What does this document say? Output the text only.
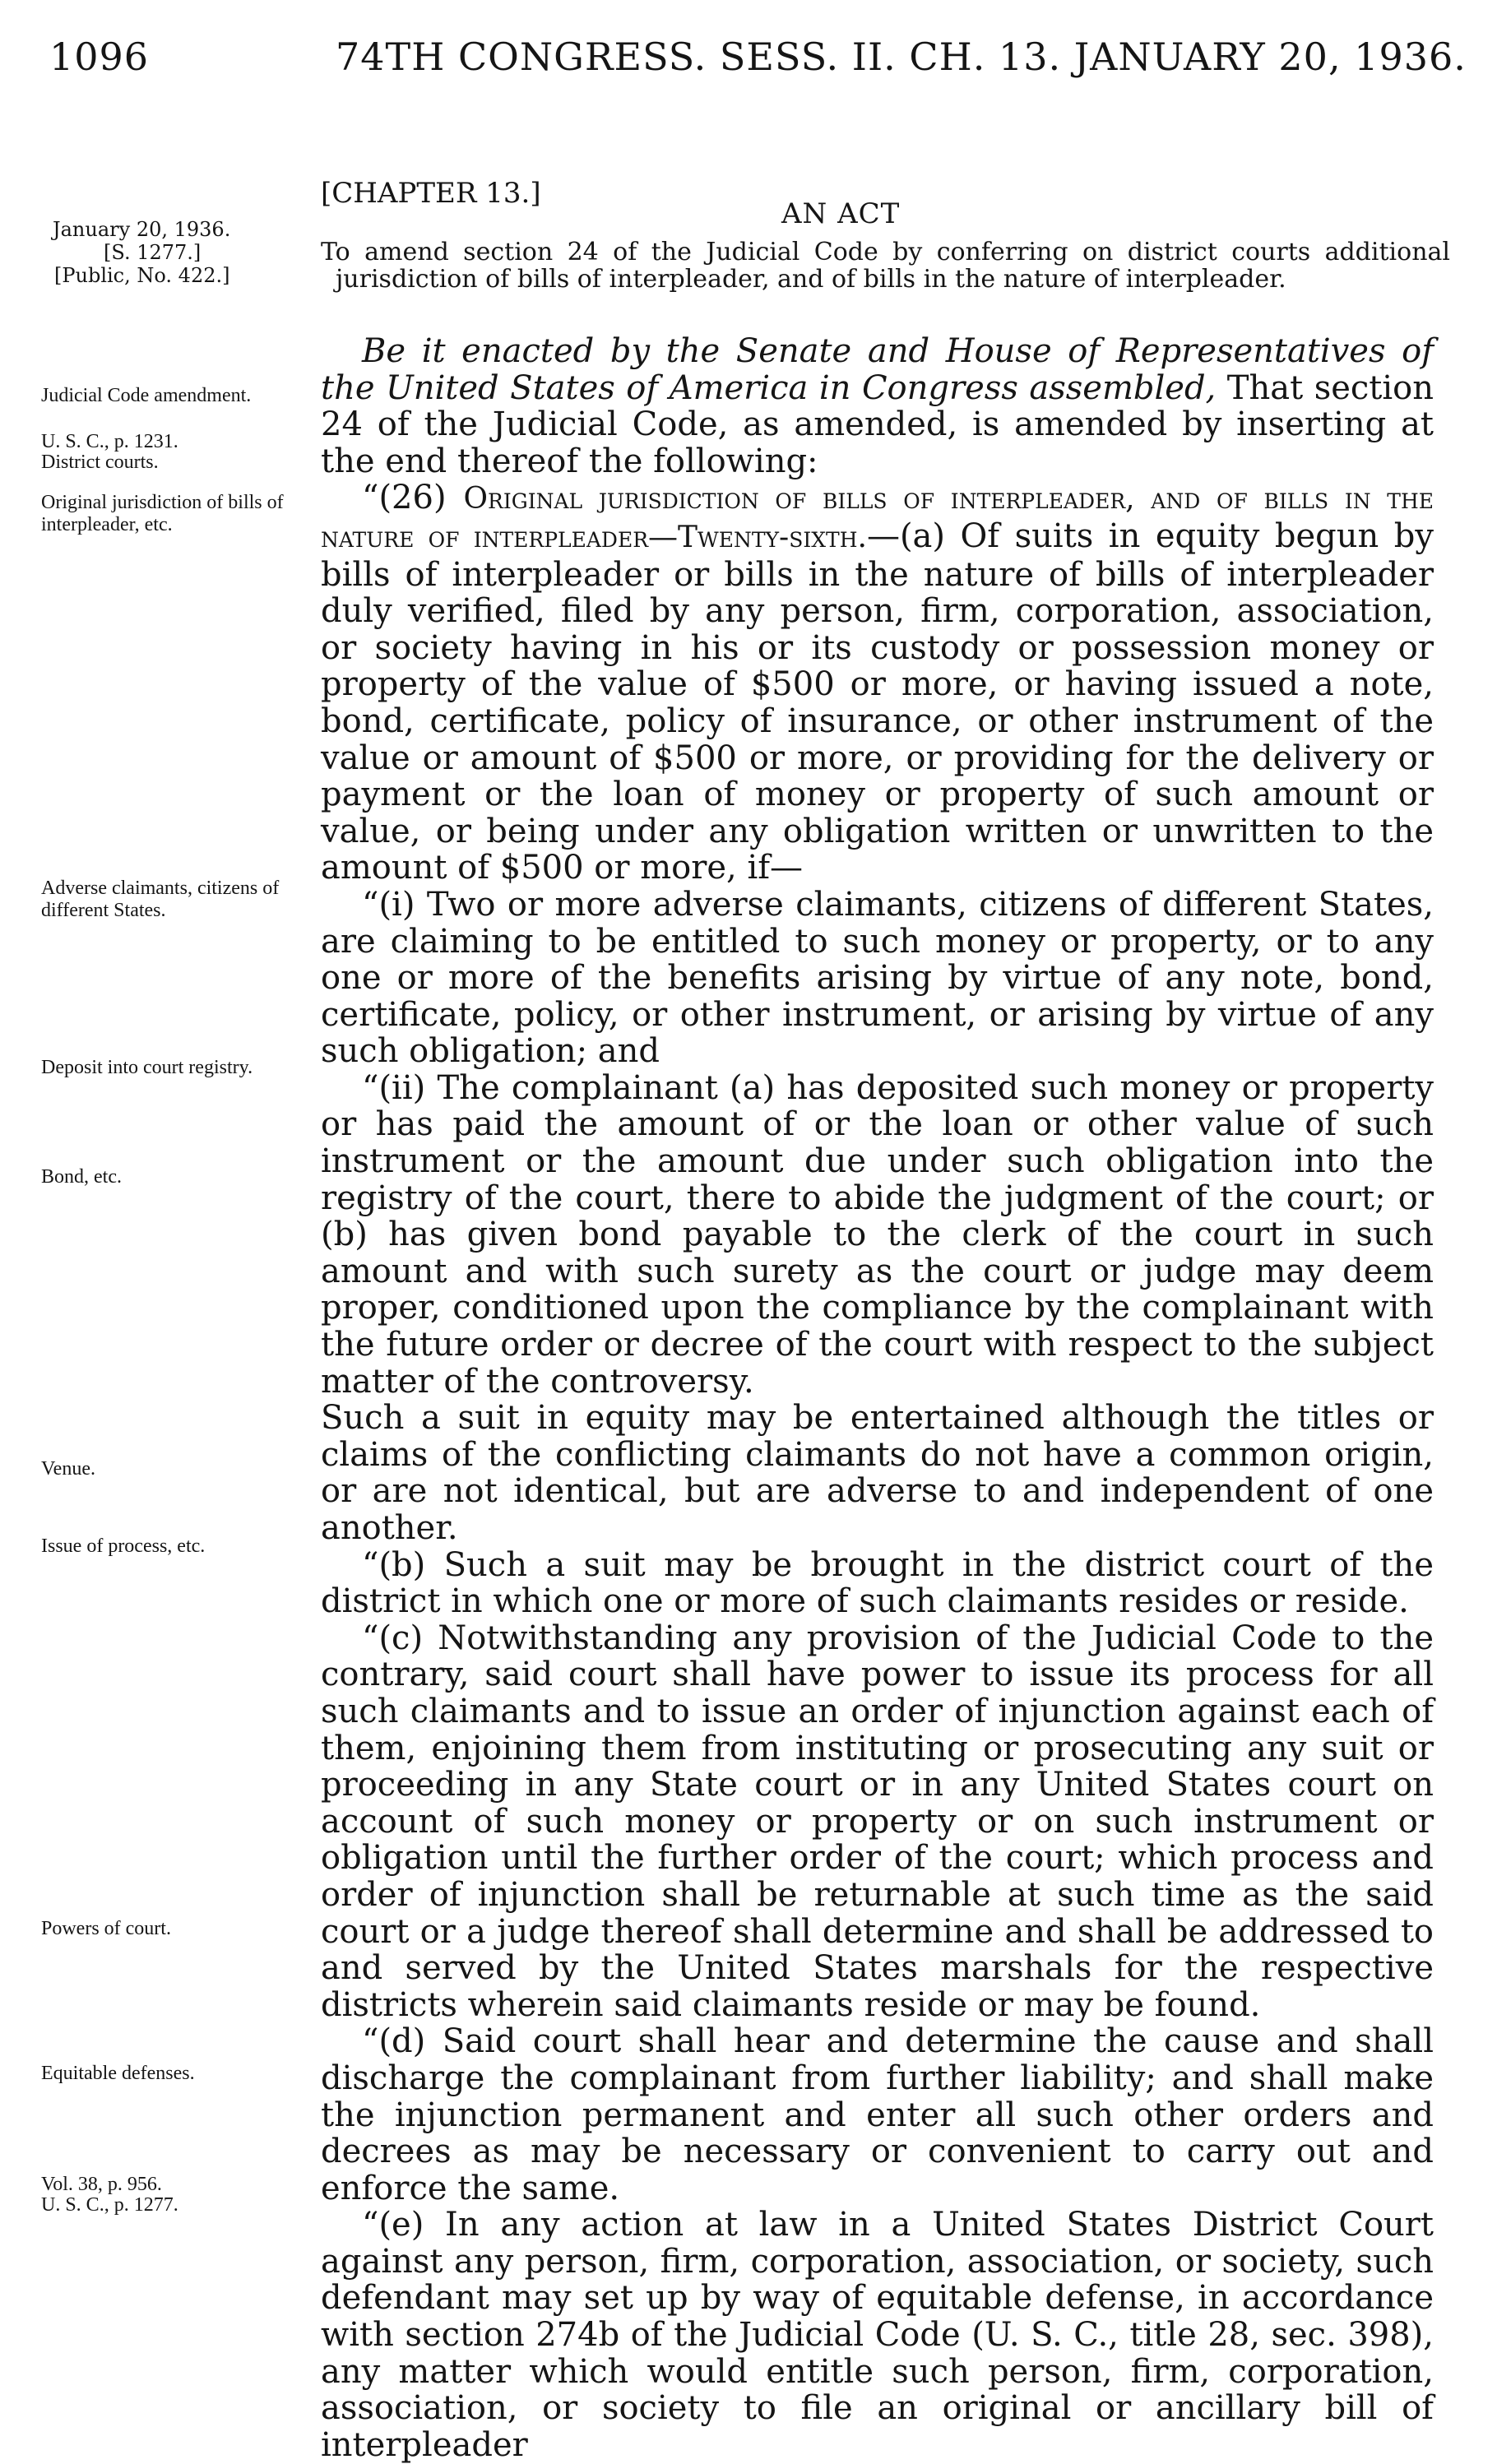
1096	74TH CONGRESS. SESS. II. CH. 13. JANUARY 20, 1936.
[CHAPTER 13.]
AN ACT
January 20, 1936.
[S. 1277.]
[Public, No. 422.]
To amend section 24 of the Judicial Code by conferring on district courts additional jurisdiction of bills of interpleader, and of bills in the nature of interpleader.

Be it enacted by the Senate and House of Representatives of the United States of America in Congress assembled, That section 24 of the Judicial Code, as amended, is amended by inserting at the end thereof the following:

“(26) Original jurisdiction of bills of interpleader, and of bills in the nature of interpleader—Twenty-sixth.—(a) Of suits in equity begun by bills of interpleader or bills in the nature of bills of interpleader duly verified, filed by any person, firm, corporation, association, or society having in his or its custody or possession money or property of the value of $500 or more, or having issued a note, bond, certificate, policy of insurance, or other instrument of the value or amount of $500 or more, or providing for the delivery or payment or the loan of money or property of such amount or value, or being under any obligation written or unwritten to the amount of $500 or more, if—

“(i) Two or more adverse claimants, citizens of different States, are claiming to be entitled to such money or property, or to any one or more of the benefits arising by virtue of any note, bond, certificate, policy, or other instrument, or arising by virtue of any such obligation; and

“(ii) The complainant (a) has deposited such money or property or has paid the amount of or the loan or other value of such instrument or the amount due under such obligation into the registry of the court, there to abide the judgment of the court; or (b) has given bond payable to the clerk of the court in such amount and with such surety as the court or judge may deem proper, conditioned upon the compliance by the complainant with the future order or decree of the court with respect to the subject matter of the controversy.

Such a suit in equity may be entertained although the titles or claims of the conflicting claimants do not have a common origin, or are not identical, but are adverse to and independent of one another.

“(b) Such a suit may be brought in the district court of the district in which one or more of such claimants resides or reside.

“(c) Notwithstanding any provision of the Judicial Code to the contrary, said court shall have power to issue its process for all such claimants and to issue an order of injunction against each of them, enjoining them from instituting or prosecuting any suit or proceeding in any State court or in any United States court on account of such money or property or on such instrument or obligation until the further order of the court; which process and order of injunction shall be returnable at such time as the said court or a judge thereof shall determine and shall be addressed to and served by the United States marshals for the respective districts wherein said claimants reside or may be found.

“(d) Said court shall hear and determine the cause and shall discharge the complainant from further liability; and shall make the injunction permanent and enter all such other orders and decrees as may be necessary or convenient to carry out and enforce the same.

“(e) In any action at law in a United States District Court against any person, firm, corporation, association, or society, such defendant may set up by way of equitable defense, in accordance with section 274b of the Judicial Code (U. S. C., title 28, sec. 398), any matter which would entitle such person, firm, corporation, association, or society to file an original or ancillary bill of interpleader

Judicial Code amendment.
U. S. C., p. 1231.
District courts.
Original jurisdiction of bills of interpleader, etc.
Adverse claimants, citizens of different States.
Deposit into court registry.
Bond, etc.
Venue.
Issue of process, etc.
Powers of court.
Equitable defenses.
Vol. 38, p. 956.
U. S. C., p. 1277.
